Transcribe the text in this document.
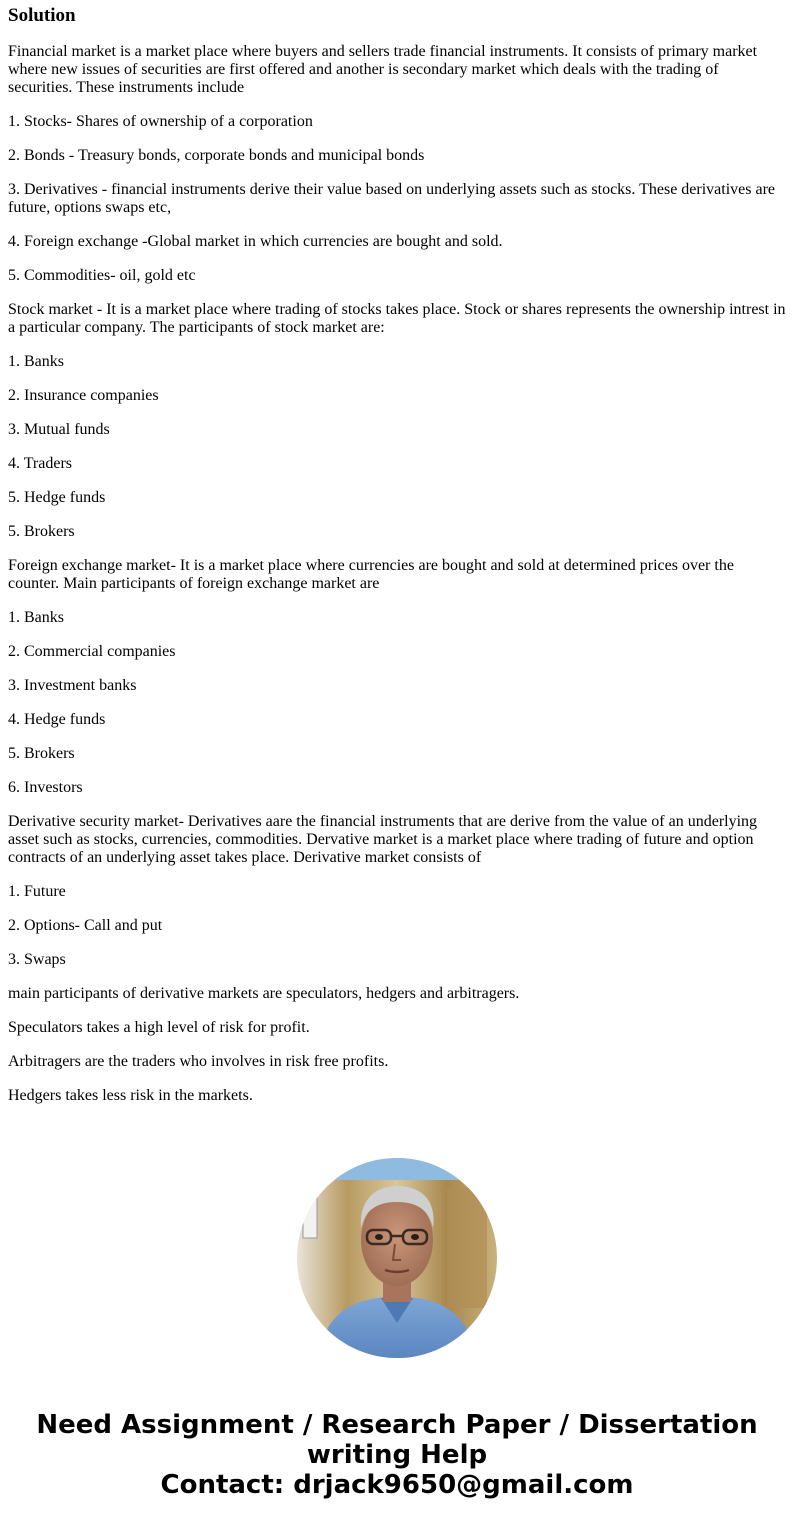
Solution

Financial market is a market place where buyers and sellers trade financial instruments. It consists of primary market where new issues of securities are first offered and another is secondary market which deals with the trading of securities. These instruments include

1. Stocks- Shares of ownership of a corporation

2. Bonds - Treasury bonds, corporate bonds and municipal bonds

3. Derivatives - financial instruments derive their value based on underlying assets such as stocks. These derivatives are future, options swaps etc,

4. Foreign exchange -Global market in which currencies are bought and sold.

5. Commodities- oil, gold etc

Stock market - It is a market place where trading of stocks takes place. Stock or shares represents the ownership intrest in a particular company. The participants of stock market are:

1. Banks

2. Insurance companies

3. Mutual funds

4. Traders

5. Hedge funds

5. Brokers

Foreign exchange market- It is a market place where currencies are bought and sold at determined prices over the counter. Main participants of foreign exchange market are

1. Banks

2. Commercial companies

3. Investment banks

4. Hedge funds

5. Brokers

6. Investors

Derivative security market- Derivatives aare the financial instruments that are derive from the value of an underlying asset such as stocks, currencies, commodities. Dervative market is a market place where trading of future and option contracts of an underlying asset takes place. Derivative market consists of

1. Future

2. Options- Call and put

3. Swaps

main participants of derivative markets are speculators, hedgers and arbitragers.

Speculators takes a high level of risk for profit.

Arbitragers are the traders who involves in risk free profits.

Hedgers takes less risk in the markets.

Need Assignment / Research Paper / Dissertation
writing Help
Contact: drjack9650@gmail.com
